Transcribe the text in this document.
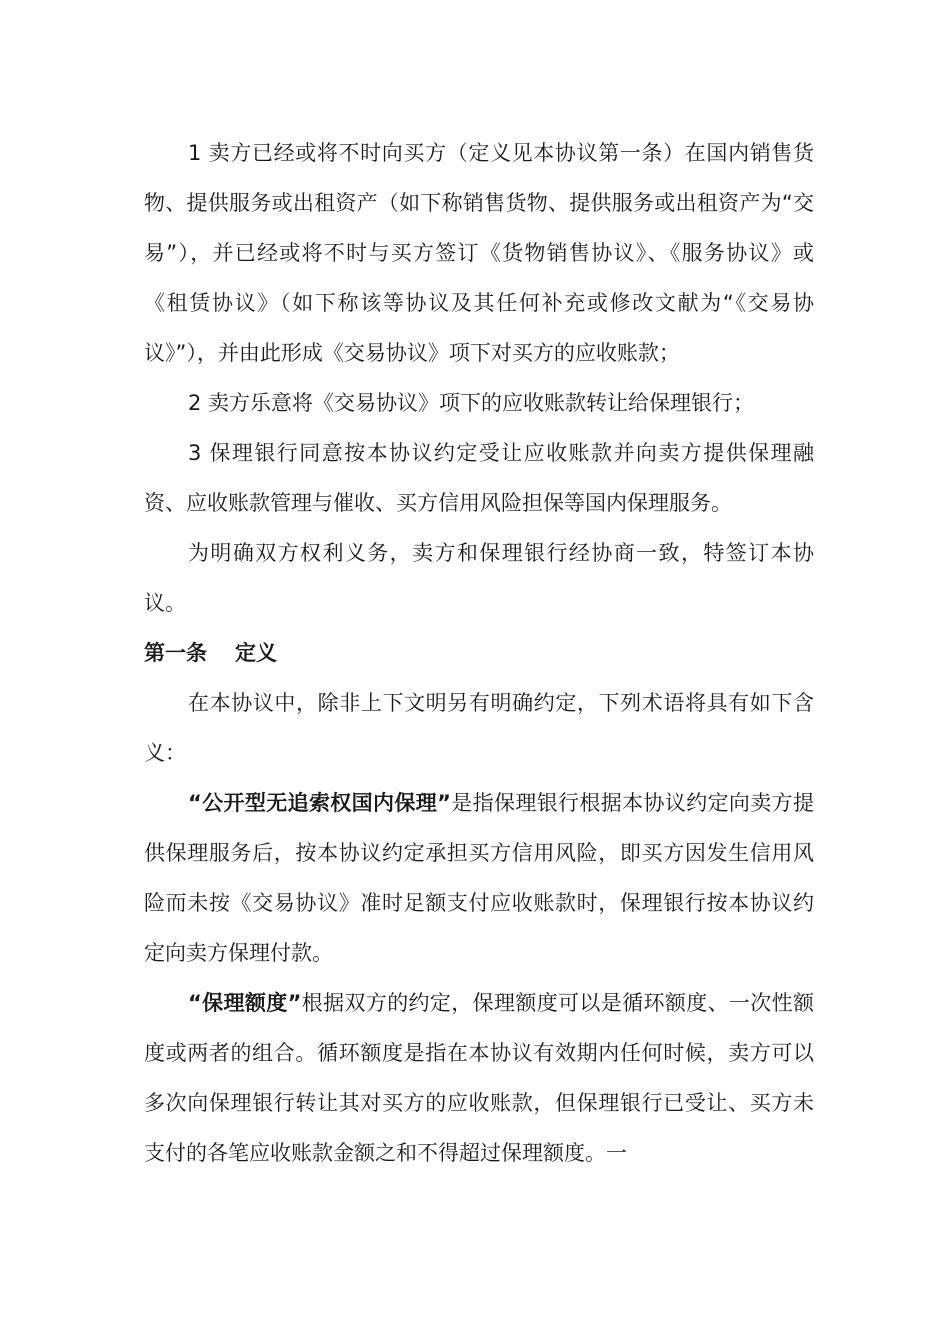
1 卖方已经或将不时向买方（定义见本协议第一条）在国内销售货物、提供服务或出租资产（如下称销售货物、提供服务或出租资产为“交易”），并已经或将不时与买方签订《货物销售协议》、《服务协议》或《租赁协议》（如下称该等协议及其任何补充或修改文献为“《交易协议》”），并由此形成《交易协议》项下对买方的应收账款；

2 卖方乐意将《交易协议》项下的应收账款转让给保理银行；

3 保理银行同意按本协议约定受让应收账款并向卖方提供保理融资、应收账款管理与催收、买方信用风险担保等国内保理服务。

为明确双方权利义务，卖方和保理银行经协商一致，特签订本协议。

第一条 定义

在本协议中，除非上下文明另有明确约定，下列术语将具有如下含义：

“公开型无追索权国内保理”是指保理银行根据本协议约定向卖方提供保理服务后，按本协议约定承担买方信用风险，即买方因发生信用风险而未按《交易协议》准时足额支付应收账款时，保理银行按本协议约定向卖方保理付款。

“保理额度”根据双方的约定，保理额度可以是循环额度、一次性额度或两者的组合。循环额度是指在本协议有效期内任何时候，卖方可以多次向保理银行转让其对买方的应收账款，但保理银行已受让、买方未支付的各笔应收账款金额之和不得超过保理额度。一
